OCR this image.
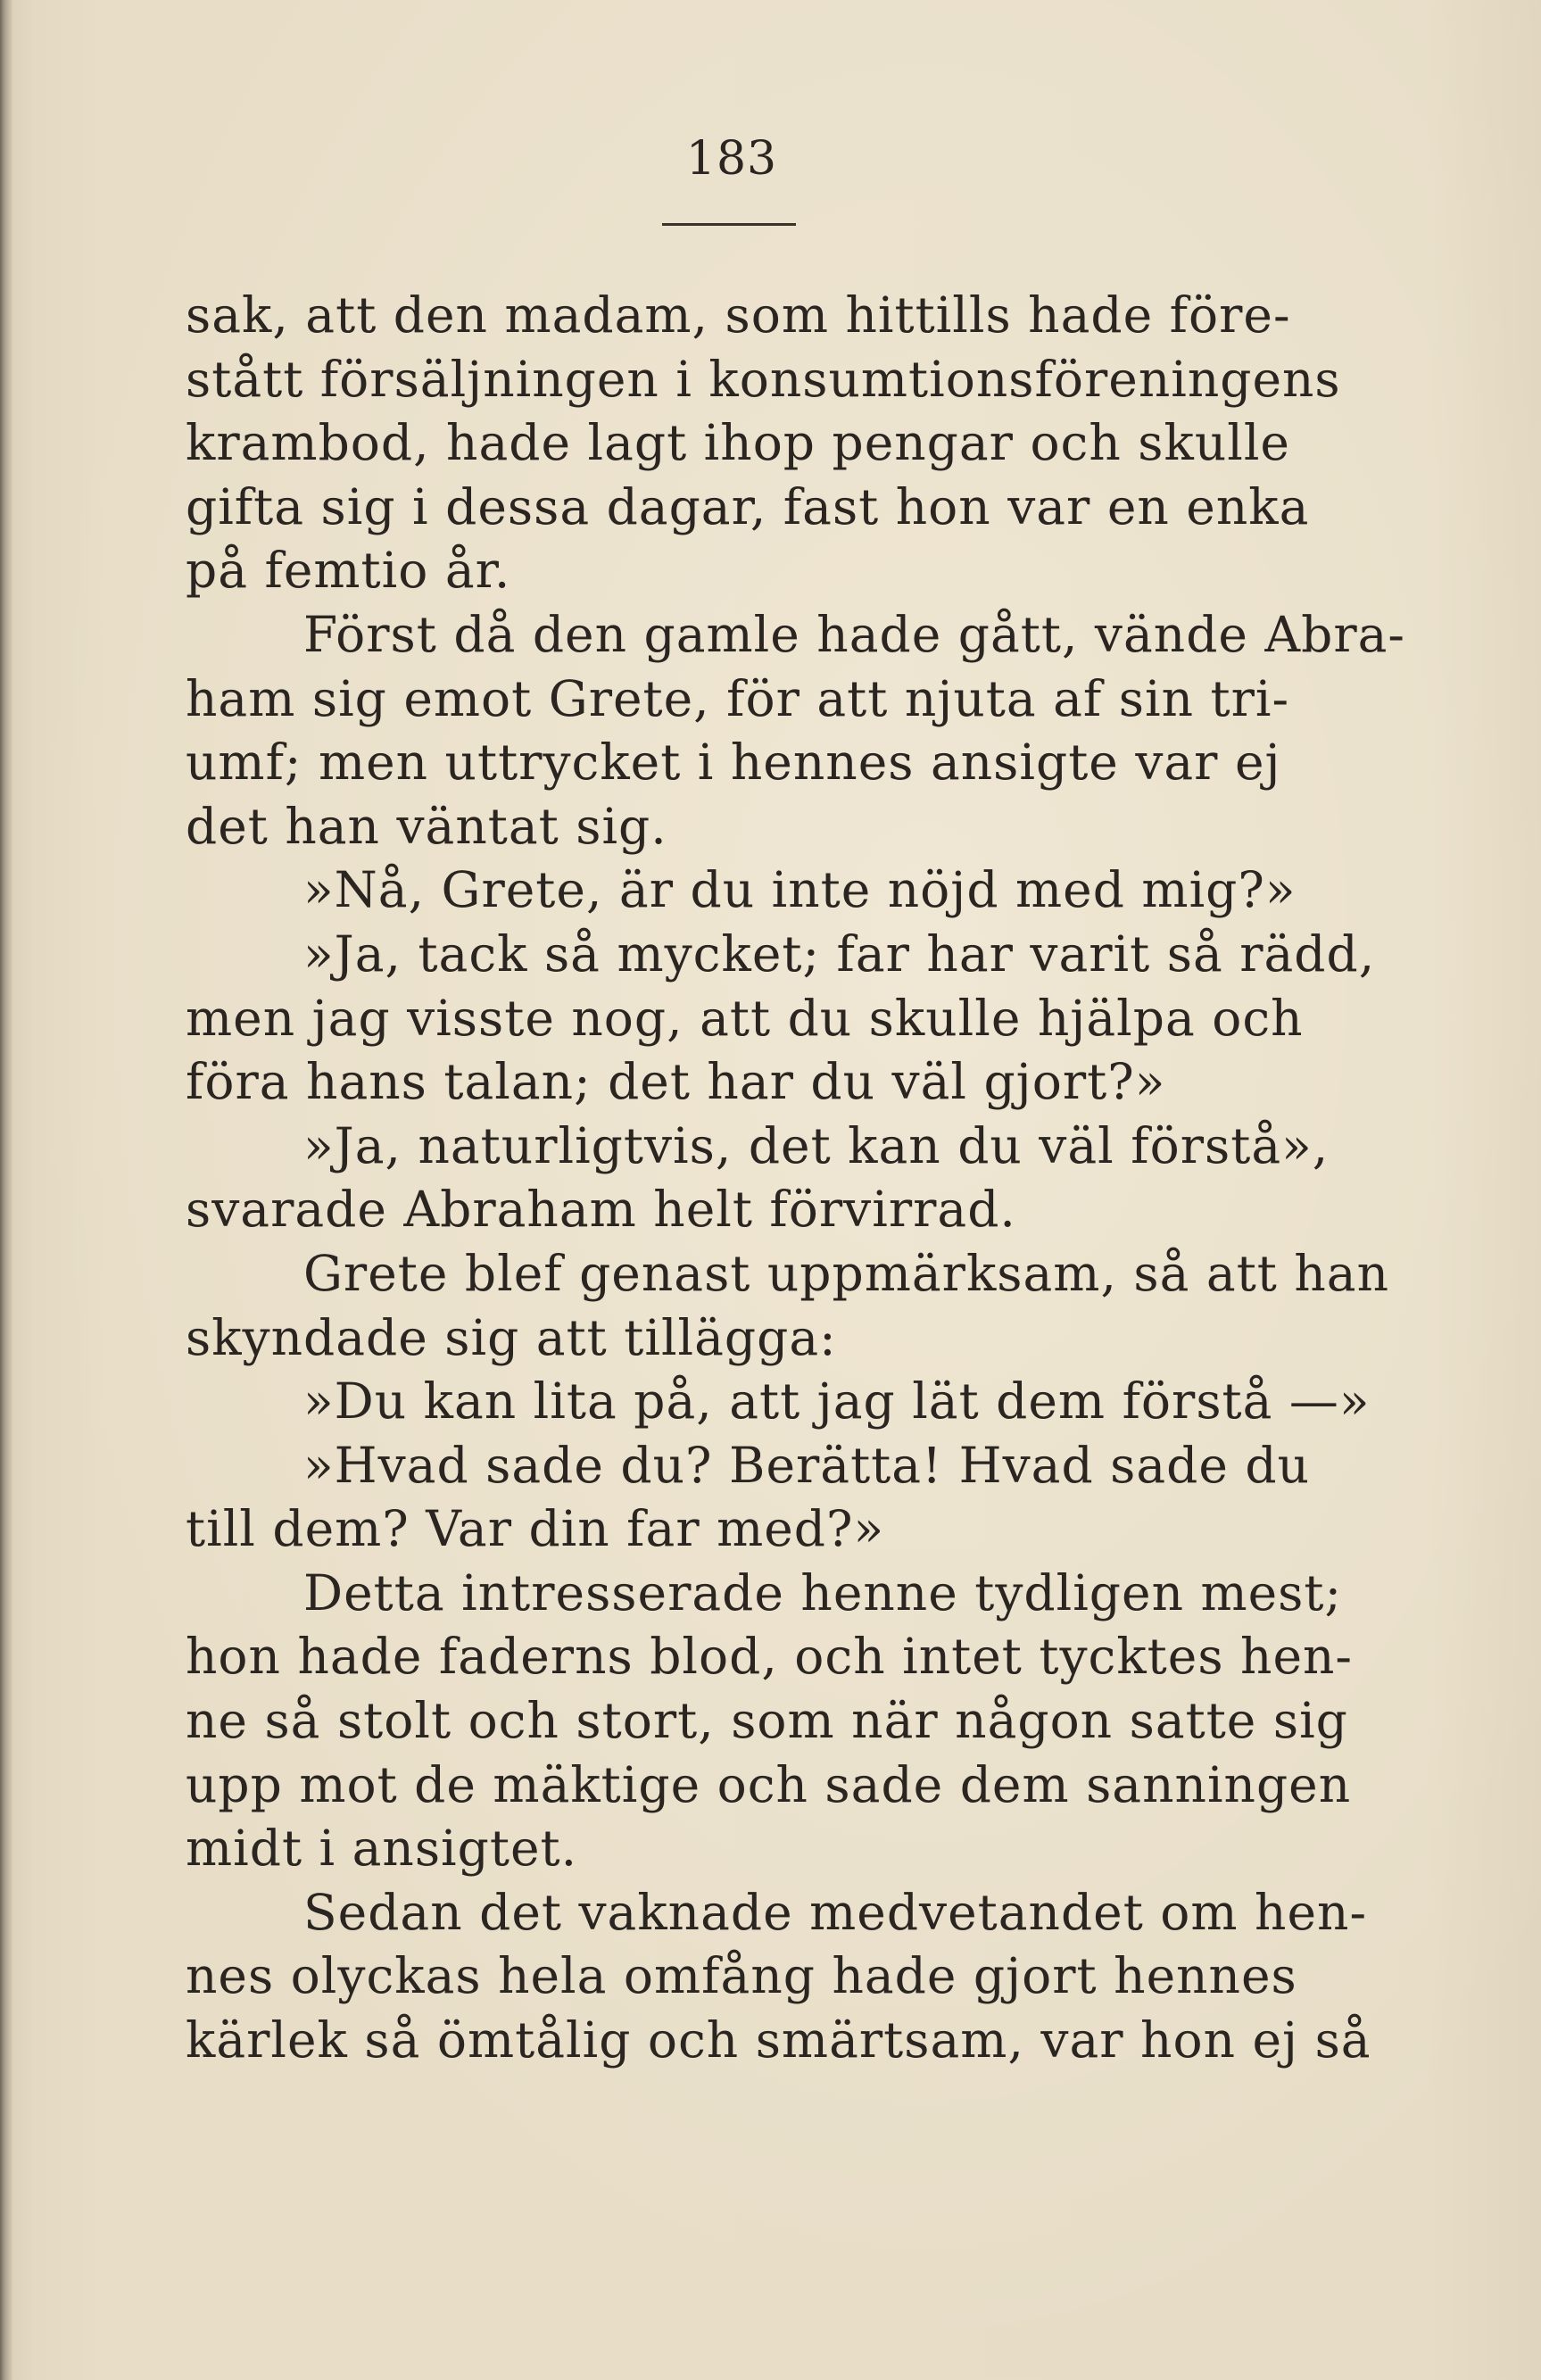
183
sak, att den madam, som hittills hade före-
stått försäljningen i konsumtionsföreningens
krambod, hade lagt ihop pengar och skulle
gifta sig i dessa dagar, fast hon var en enka
på femtio år.
Först då den gamle hade gått, vände Abra-
ham sig emot Grete, för att njuta af sin tri-
umf; men uttrycket i hennes ansigte var ej
det han väntat sig.
»Nå, Grete, är du inte nöjd med mig?»
»Ja, tack så mycket; far har varit så rädd,
men jag visste nog, att du skulle hjälpa och
föra hans talan; det har du väl gjort?»
»Ja, naturligtvis, det kan du väl förstå»,
svarade Abraham helt förvirrad.
Grete blef genast uppmärksam, så att han
skyndade sig att tillägga:
»Du kan lita på, att jag lät dem förstå —»
»Hvad sade du? Berätta! Hvad sade du
till dem? Var din far med?»
Detta intresserade henne tydligen mest;
hon hade faderns blod, och intet tycktes hen-
ne så stolt och stort, som när någon satte sig
upp mot de mäktige och sade dem sanningen
midt i ansigtet.
Sedan det vaknade medvetandet om hen-
nes olyckas hela omfång hade gjort hennes
kärlek så ömtålig och smärtsam, var hon ej så
